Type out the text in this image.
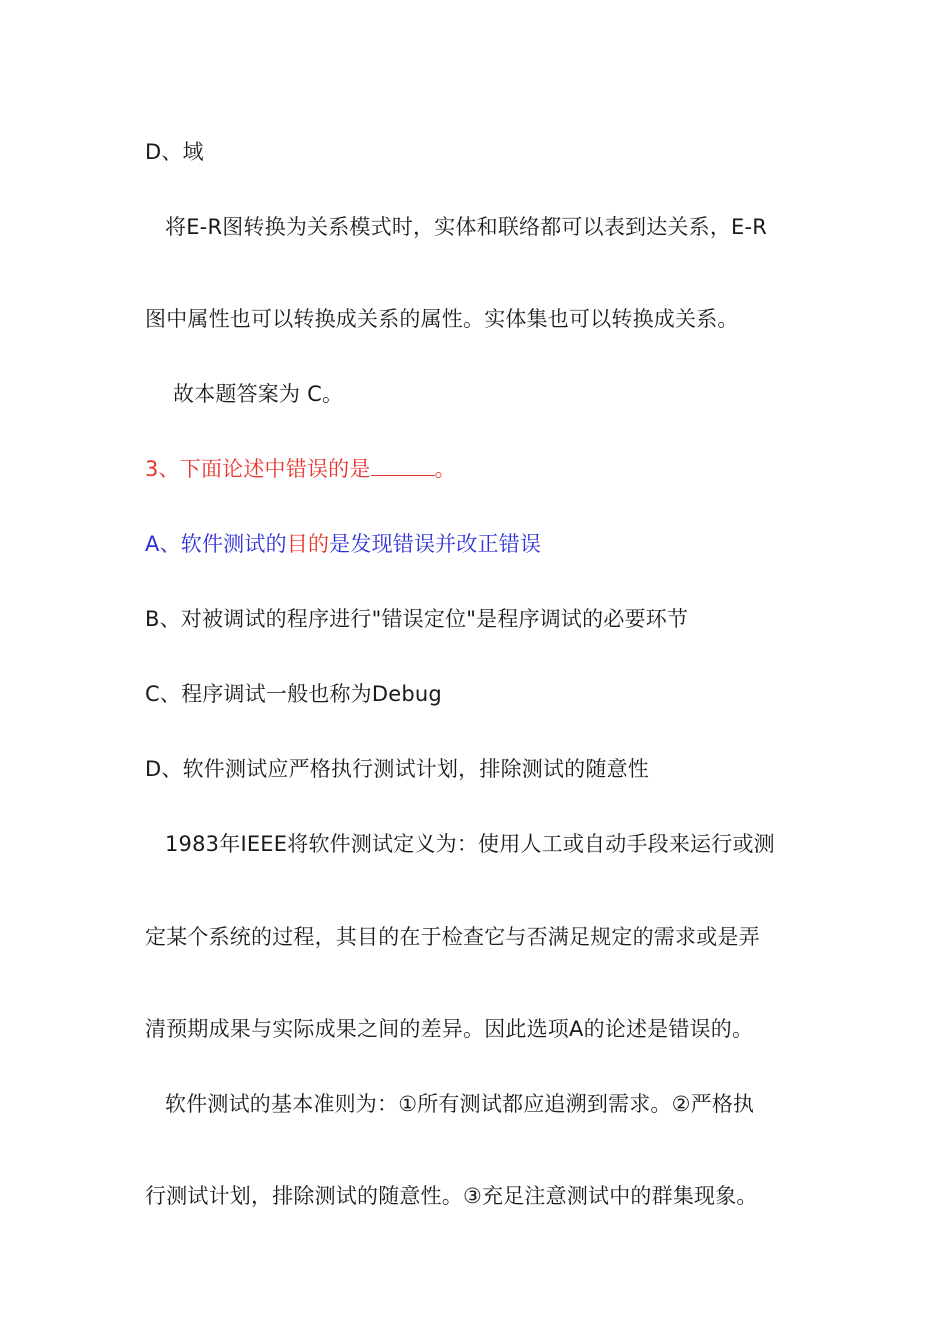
D、域
将E-R图转换为关系模式时，实体和联络都可以表到达关系，E-R
图中属性也可以转换成关系的属性。实体集也可以转换成关系。
故本题答案为 C。
3、下面论述中错误的是	。
A、软件测试的目的是发现错误并改正错误
B、对被调试的程序进行"错误定位"是程序调试的必要环节
C、程序调试一般也称为Debug
D、软件测试应严格执行测试计划，排除测试的随意性
1983年IEEE将软件测试定义为：使用人工或自动手段来运行或测
定某个系统的过程，其目的在于检查它与否满足规定的需求或是弄
清预期成果与实际成果之间的差异。因此选项A的论述是错误的。
软件测试的基本准则为：①所有测试都应追溯到需求。②严格执
行测试计划，排除测试的随意性。③充足注意测试中的群集现象。
